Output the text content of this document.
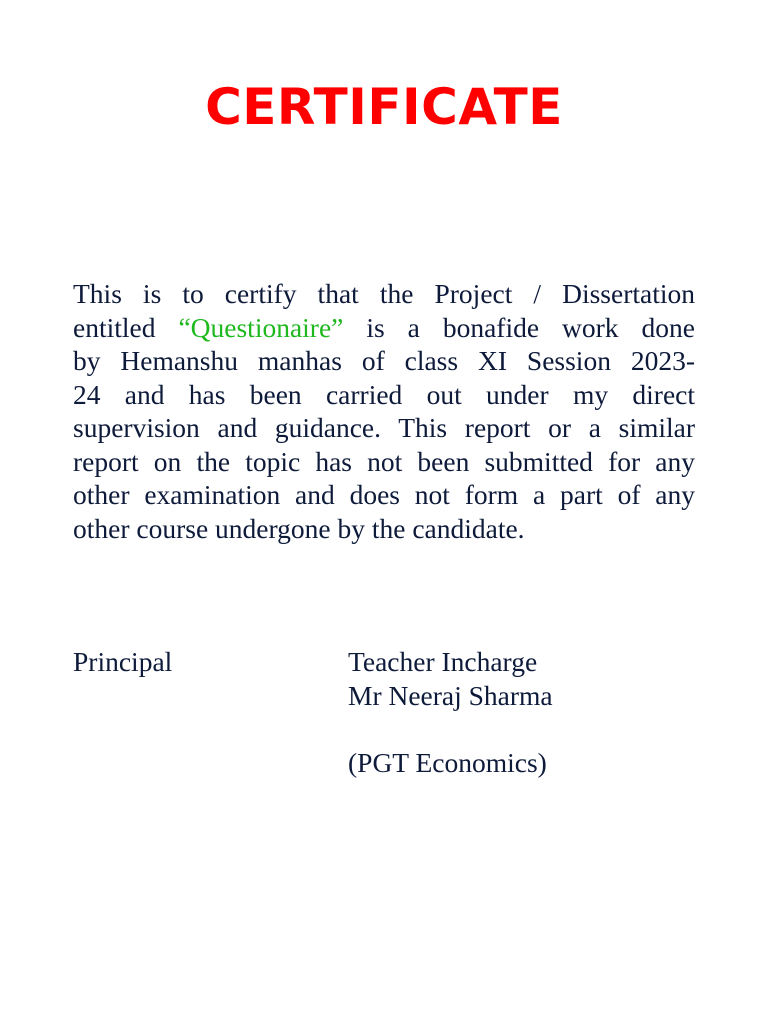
CERTIFICATE
This is to certify that the Project / Dissertation
entitled “Questionaire” is a bonafide work done
by Hemanshu manhas of class XI Session 2023-
24 and has been carried out under my direct
supervision and guidance. This report or a similar
report on the topic has not been submitted for any
other examination and does not form a part of any
other course undergone by the candidate.
Principal	Teacher Incharge
Mr Neeraj Sharma
(PGT Economics)
